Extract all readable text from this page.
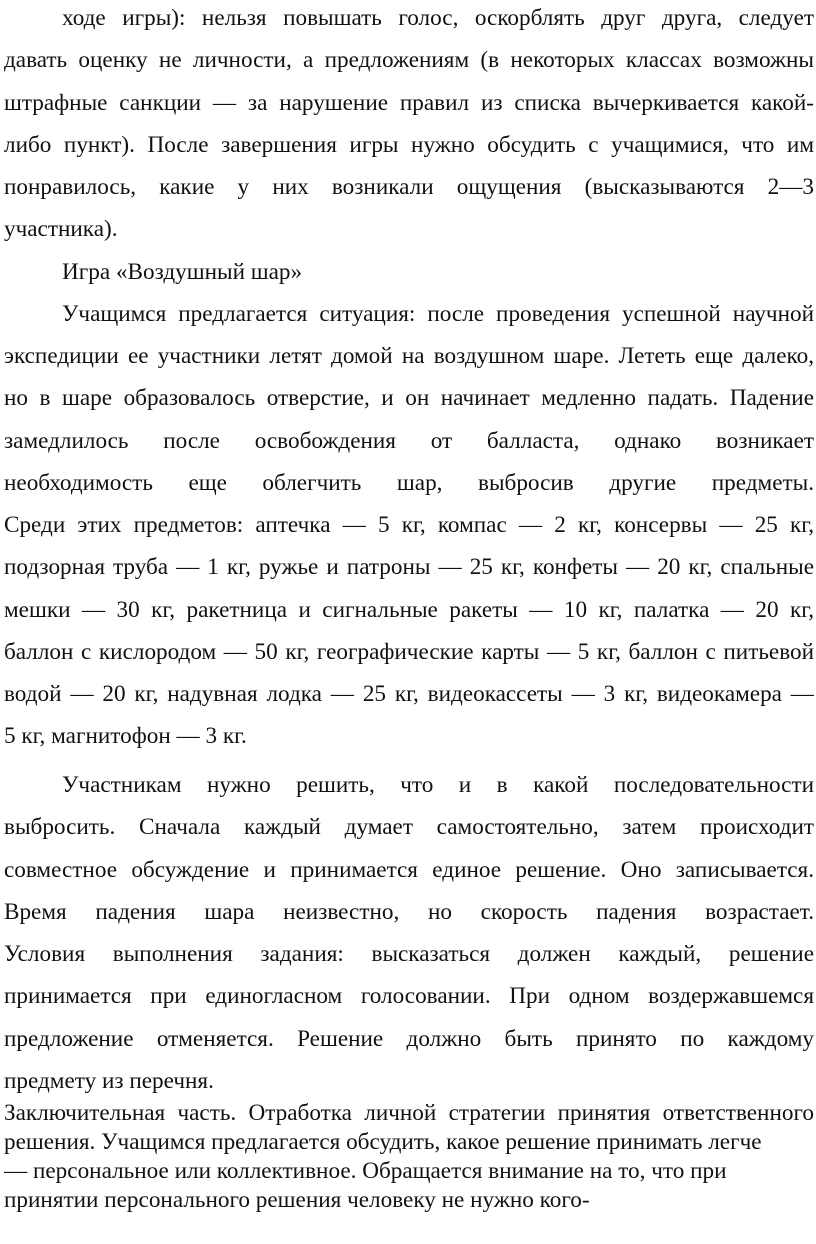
ходе игры): нельзя повышать голос, оскорблять друг друга, следует
давать оценку не личности, а предложениям (в некоторых классах возможны
штрафные санкции — за нарушение правил из списка вычеркивается какой-
либо пункт). После завершения игры нужно обсудить с учащимися, что им
понравилось, какие у них возникали ощущения (высказываются 2—3
участника).
Игра «Воздушный шар»
Учащимся предлагается ситуация: после проведения успешной научной
экспедиции ее участники летят домой на воздушном шаре. Лететь еще далеко,
но в шаре образовалось отверстие, и он начинает медленно падать. Падение
замедлилось после освобождения от балласта, однако возникает
необходимость еще облегчить шар, выбросив другие предметы.
Среди этих предметов: аптечка — 5 кг, компас — 2 кг, консервы — 25 кг,
подзорная труба — 1 кг, ружье и патроны — 25 кг, конфеты — 20 кг, спальные
мешки — 30 кг, ракетница и сигнальные ракеты — 10 кг, палатка — 20 кг,
баллон с кислородом — 50 кг, географические карты — 5 кг, баллон с питьевой
водой — 20 кг, надувная лодка — 25 кг, видеокассеты — 3 кг, видеокамера —
5 кг, магнитофон — 3 кг.
Участникам нужно решить, что и в какой последовательности
выбросить. Сначала каждый думает самостоятельно, затем происходит
совместное обсуждение и принимается единое решение. Оно записывается.
Время падения шара неизвестно, но скорость падения возрастает.
Условия выполнения задания: высказаться должен каждый, решение
принимается при единогласном голосовании. При одном воздержавшемся
предложение отменяется. Решение должно быть принято по каждому
предмету из перечня.
Заключительная часть. Отработка личной стратегии принятия ответственного
решения. Учащимся предлагается обсудить, какое решение принимать легче
— персональное или коллективное. Обращается внимание на то, что при
принятии персонального решения человеку не нужно кого-
